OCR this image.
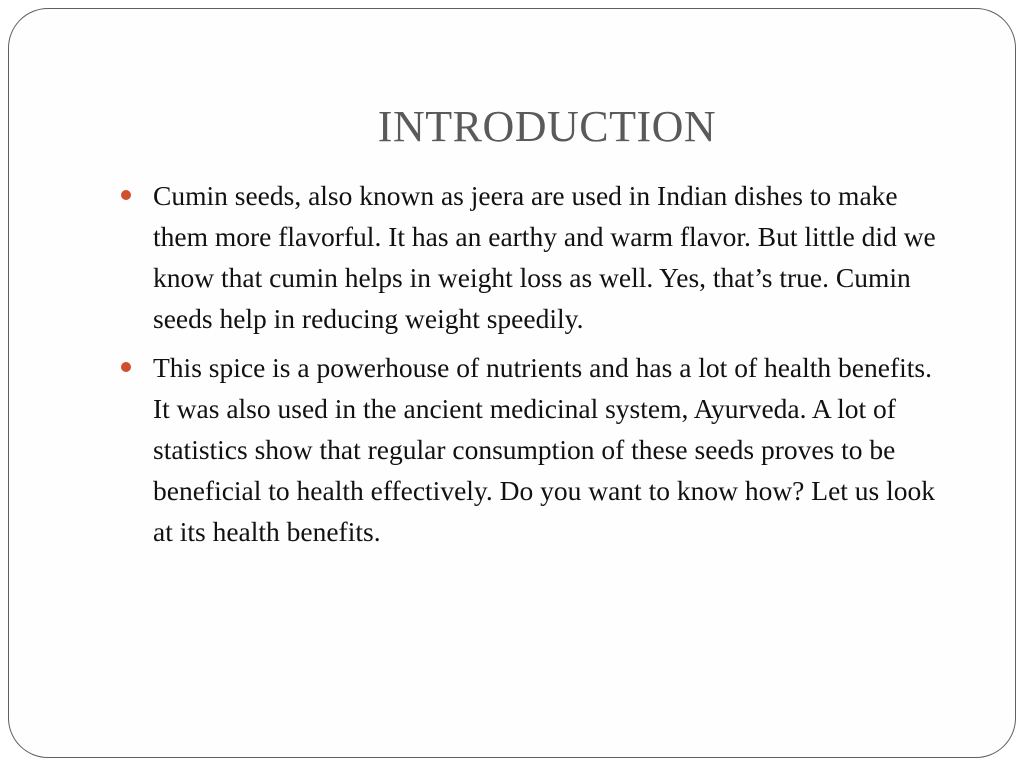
INTRODUCTION
Cumin seeds, also known as jeera are used in Indian dishes to make them more flavorful. It has an earthy and warm flavor. But little did we know that cumin helps in weight loss as well. Yes, that’s true. Cumin seeds help in reducing weight speedily.
This spice is a powerhouse of nutrients and has a lot of health benefits. It was also used in the ancient medicinal system, Ayurveda. A lot of statistics show that regular consumption of these seeds proves to be beneficial to health effectively. Do you want to know how? Let us look at its health benefits.
